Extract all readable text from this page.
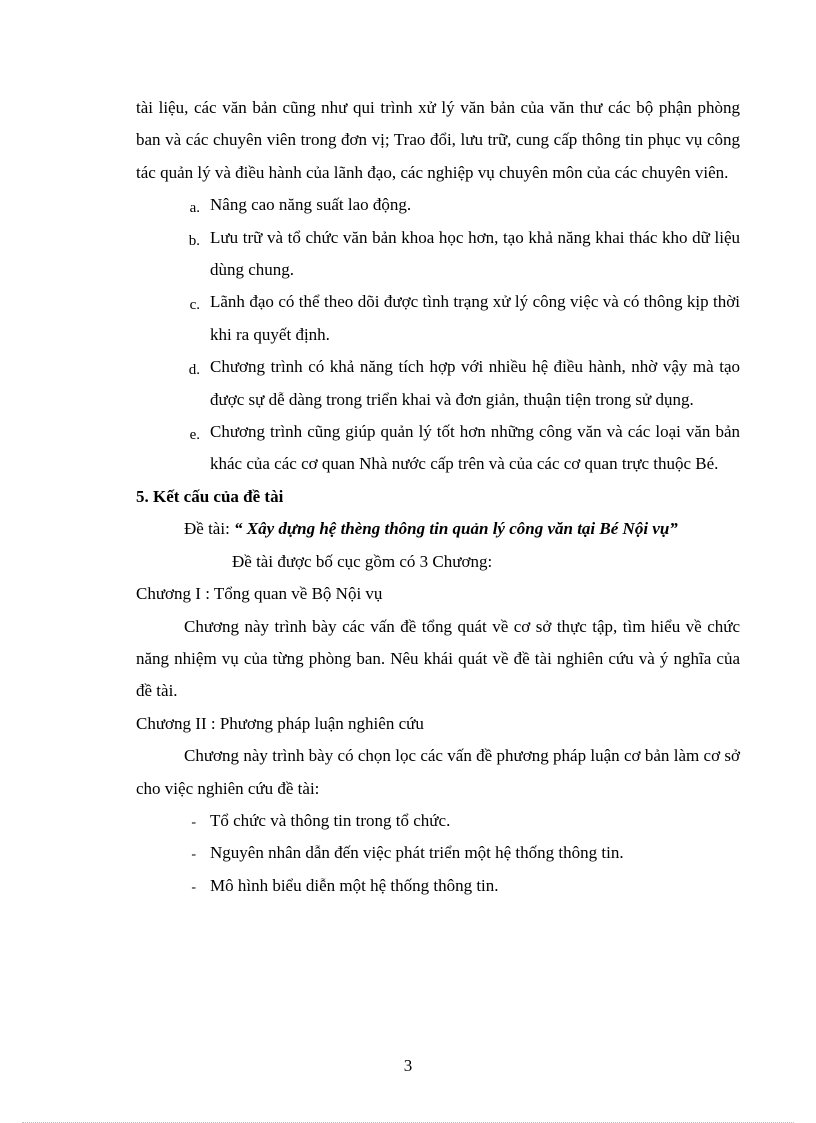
tài liệu, các văn bản cũng như qui trình xử lý văn bản của văn thư các bộ phận phòng ban và các chuyên viên trong đơn vị; Trao đổi, lưu trữ, cung cấp thông tin phục vụ công tác quản lý và điều hành của lãnh đạo, các nghiệp vụ chuyên môn của các chuyên viên.

a. Nâng cao năng suất lao động.
b. Lưu trữ và tổ chức văn bản khoa học hơn, tạo khả năng khai thác kho dữ liệu dùng chung.
c. Lãnh đạo có thể theo dõi được tình trạng xử lý công việc và có thông kịp thời khi ra quyết định.
d. Chương trình có khả năng tích hợp với nhiều hệ điều hành, nhờ vậy mà tạo được sự dễ dàng trong triển khai và đơn giản, thuận tiện trong sử dụng.
e. Chương trình cũng giúp quản lý tốt hơn những công văn và các loại văn bản khác của các cơ quan Nhà nước cấp trên và của các cơ quan trực thuộc Bé.

5. Kết cấu của đề tài

Đề tài: “ Xây dựng hệ thèng thông tin quản lý công văn tại Bé Nội vụ”

Đề tài được bố cục gồm có 3 Chương:

Chương I : Tổng quan về Bộ Nội vụ

Chương này trình bày các vấn đề tổng quát về cơ sở thực tập, tìm hiểu về chức năng nhiệm vụ của từng phòng ban. Nêu khái quát về đề tài nghiên cứu và ý nghĩa của đề tài.

Chương II : Phương pháp luận nghiên cứu

Chương này trình bày có chọn lọc các vấn đề phương pháp luận cơ bản làm cơ sở cho việc nghiên cứu đề tài:

- Tổ chức và thông tin trong tổ chức.
- Nguyên nhân dẫn đến việc phát triển một hệ thống thông tin.
- Mô hình biểu diễn một hệ thống thông tin.
3
